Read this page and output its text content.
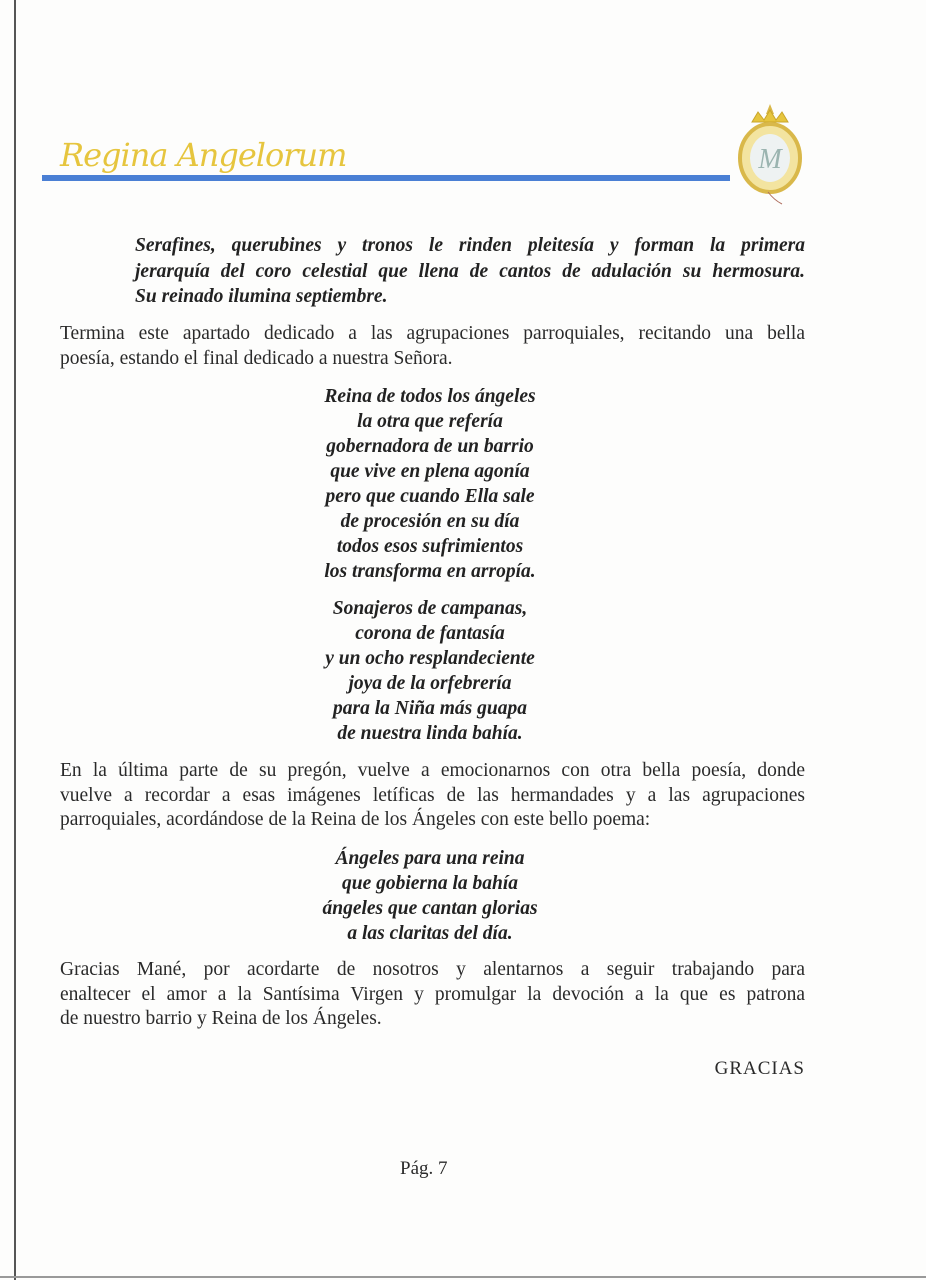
Regina Angelorum	M
Serafines, querubines y tronos le rinden pleitesía y forman la primera
jerarquía del coro celestial que llena de cantos de adulación su hermosura.
Su reinado ilumina septiembre.
Termina este apartado dedicado a las agrupaciones parroquiales, recitando una bella
poesía, estando el final dedicado a nuestra Señora.
Reina de todos los ángeles
la otra que refería
gobernadora de un barrio
que vive en plena agonía
pero que cuando Ella sale
de procesión en su día
todos esos sufrimientos
los transforma en arropía.
Sonajeros de campanas,
corona de fantasía
y un ocho resplandeciente
joya de la orfebrería
para la Niña más guapa
de nuestra linda bahía.
En la última parte de su pregón, vuelve a emocionarnos con otra bella poesía, donde
vuelve a recordar a esas imágenes letíficas de las hermandades y a las agrupaciones
parroquiales, acordándose de la Reina de los Ángeles con este bello poema:
Ángeles para una reina
que gobierna la bahía
ángeles que cantan glorias
a las claritas del día.
Gracias Mané, por acordarte de nosotros y alentarnos a seguir trabajando para
enaltecer el amor a la Santísima Virgen y promulgar la devoción a la que es patrona
de nuestro barrio y Reina de los Ángeles.
GRACIAS
Pág. 7
